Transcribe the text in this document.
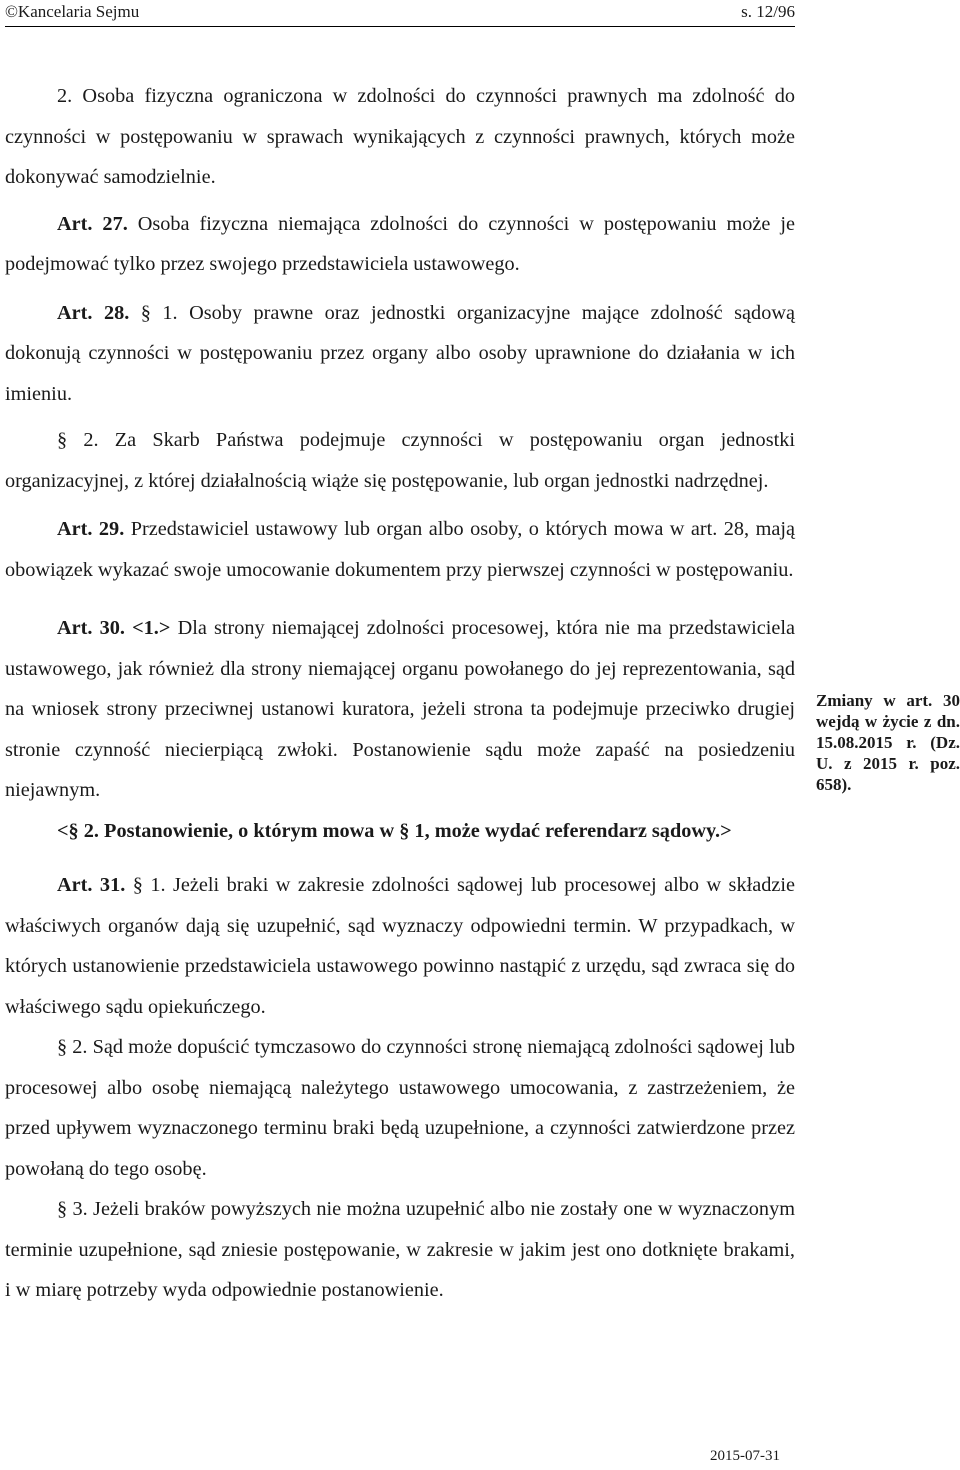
©Kancelaria Sejmu	s. 12/96

2. Osoba fizyczna ograniczona w zdolności do czynności prawnych ma zdolność do czynności w postępowaniu w sprawach wynikających z czynności prawnych, których może dokonywać samodzielnie.

Art. 27. Osoba fizyczna niemająca zdolności do czynności w postępowaniu może je podejmować tylko przez swojego przedstawiciela ustawowego.

Art. 28. § 1. Osoby prawne oraz jednostki organizacyjne mające zdolność sądową dokonują czynności w postępowaniu przez organy albo osoby uprawnione do działania w ich imieniu.

§ 2. Za Skarb Państwa podejmuje czynności w postępowaniu organ jednostki organizacyjnej, z której działalnością wiąże się postępowanie, lub organ jednostki nadrzędnej.

Art. 29. Przedstawiciel ustawowy lub organ albo osoby, o których mowa w art. 28, mają obowiązek wykazać swoje umocowanie dokumentem przy pierwszej czynności w postępowaniu.

Art. 30. <1.> Dla strony niemającej zdolności procesowej, która nie ma przedstawiciela ustawowego, jak również dla strony niemającej organu powołanego do jej reprezentowania, sąd na wniosek strony przeciwnej ustanowi kuratora, jeżeli strona ta podejmuje przeciwko drugiej stronie czynność niecierpiącą zwłoki. Postanowienie sądu może zapaść na posiedzeniu niejawnym.

<§ 2. Postanowienie, o którym mowa w § 1, może wydać referendarz sądowy.>

Art. 31. § 1. Jeżeli braki w zakresie zdolności sądowej lub procesowej albo w składzie właściwych organów dają się uzupełnić, sąd wyznaczy odpowiedni termin. W przypadkach, w których ustanowienie przedstawiciela ustawowego powinno nastąpić z urzędu, sąd zwraca się do właściwego sądu opiekuńczego.

§ 2. Sąd może dopuścić tymczasowo do czynności stronę niemającą zdolności sądowej lub procesowej albo osobę niemającą należytego ustawowego umocowania, z zastrzeżeniem, że przed upływem wyznaczonego terminu braki będą uzupełnione, a czynności zatwierdzone przez powołaną do tego osobę.

§ 3. Jeżeli braków powyższych nie można uzupełnić albo nie zostały one w wyznaczonym terminie uzupełnione, sąd zniesie postępowanie, w zakresie w jakim jest ono dotknięte brakami, i w miarę potrzeby wyda odpowiednie postanowienie.

Zmiany w art. 30 wejdą w życie z dn. 15.08.2015 r. (Dz. U. z 2015 r. poz. 658).
2015-07-31
